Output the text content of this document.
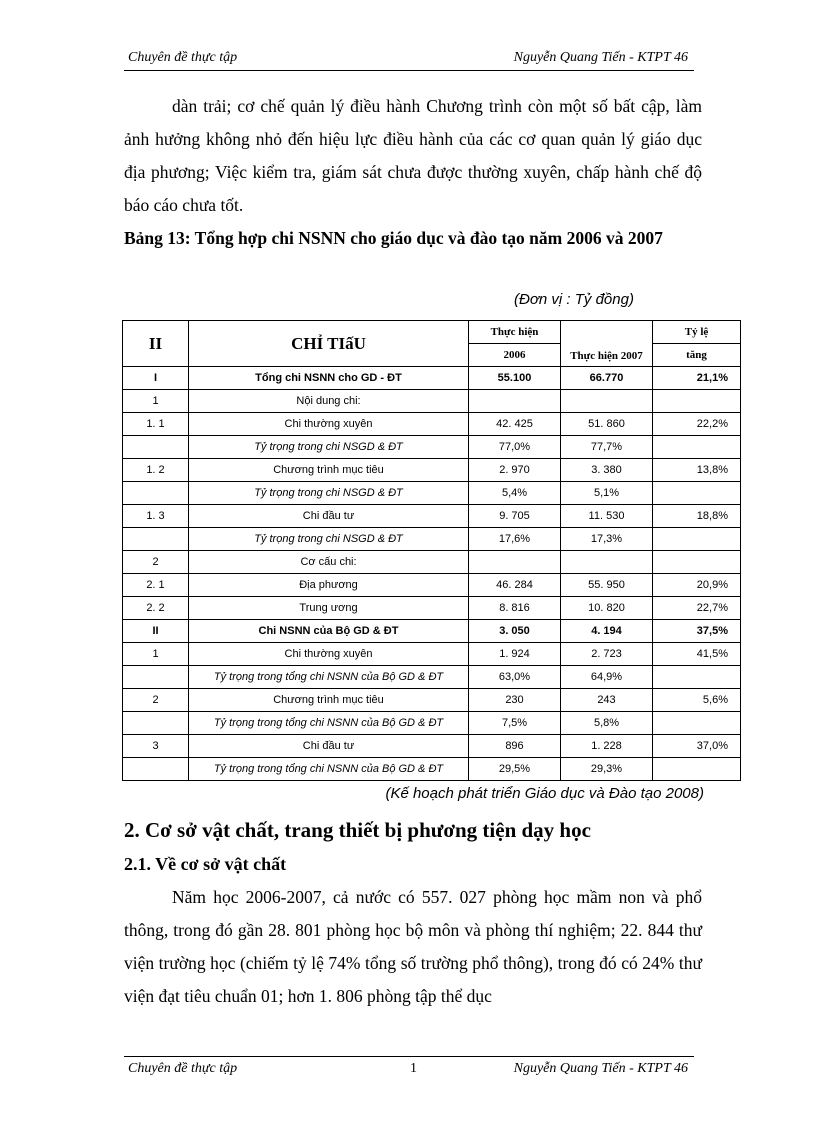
Chuyên đề thực tập	Nguyễn Quang Tiến - KTPT 46
dàn trải; cơ chế quản lý điều hành Chương trình còn một số bất cập, làm ảnh hưởng không nhỏ đến hiệu lực điều hành của các cơ quan quản lý giáo dục địa phương; Việc kiểm tra, giám sát chưa được thường xuyên, chấp hành chế độ báo cáo chưa tốt.
Bảng 13: Tổng hợp chi NSNN cho giáo dục và đào tạo năm 2006 và 2007
(Đơn vị : Tỷ đồng)
II	CHỈ TIấU	Thực hiện	Thực hiện 2007	Tỷ lệ
		2006		tăng
I	Tổng chi NSNN cho GD - ĐT	55.100	66.770	21,1%
1	Nội dung chi:			
1. 1	Chi thường xuyên	42. 425	51. 860	22,2%
	Tỷ trọng trong chi NSGD & ĐT	77,0%	77,7%	
1. 2	Chương trình mục tiêu	2. 970	3. 380	13,8%
	Tỷ trọng trong chi NSGD & ĐT	5,4%	5,1%	
1. 3	Chi đầu tư	9. 705	11. 530	18,8%
	Tỷ trọng trong chi NSGD & ĐT	17,6%	17,3%	
2	Cơ cấu chi:			
2. 1	Địa phương	46. 284	55. 950	20,9%
2. 2	Trung ương	8. 816	10. 820	22,7%
II	Chi NSNN của Bộ GD & ĐT	3. 050	4. 194	37,5%
1	Chi thường xuyên	1. 924	2. 723	41,5%
	Tỷ trọng trong tổng chi NSNN của Bộ GD & ĐT	63,0%	64,9%	
2	Chương trình mục tiêu	230	243	5,6%
	Tỷ trọng trong tổng chi NSNN của Bộ GD & ĐT	7,5%	5,8%	
3	Chi đầu tư	896	1. 228	37,0%
	Tỷ trọng trong tổng chi NSNN của Bộ GD & ĐT	29,5%	29,3%	
(Kế hoạch phát triển Giáo dục và Đào tạo 2008)
2. Cơ sở vật chất, trang thiết bị phương tiện dạy học
2.1. Về cơ sở vật chất
Năm học 2006-2007, cả nước có 557. 027 phòng học mầm non và phổ thông, trong đó gần 28. 801 phòng học bộ môn và phòng thí nghiệm; 22. 844 thư viện trường học (chiếm tỷ lệ 74% tổng số trường phổ thông), trong đó có 24% thư viện đạt tiêu chuẩn 01; hơn 1. 806 phòng tập thể dục
Chuyên đề thực tập	1	Nguyễn Quang Tiến - KTPT 46
